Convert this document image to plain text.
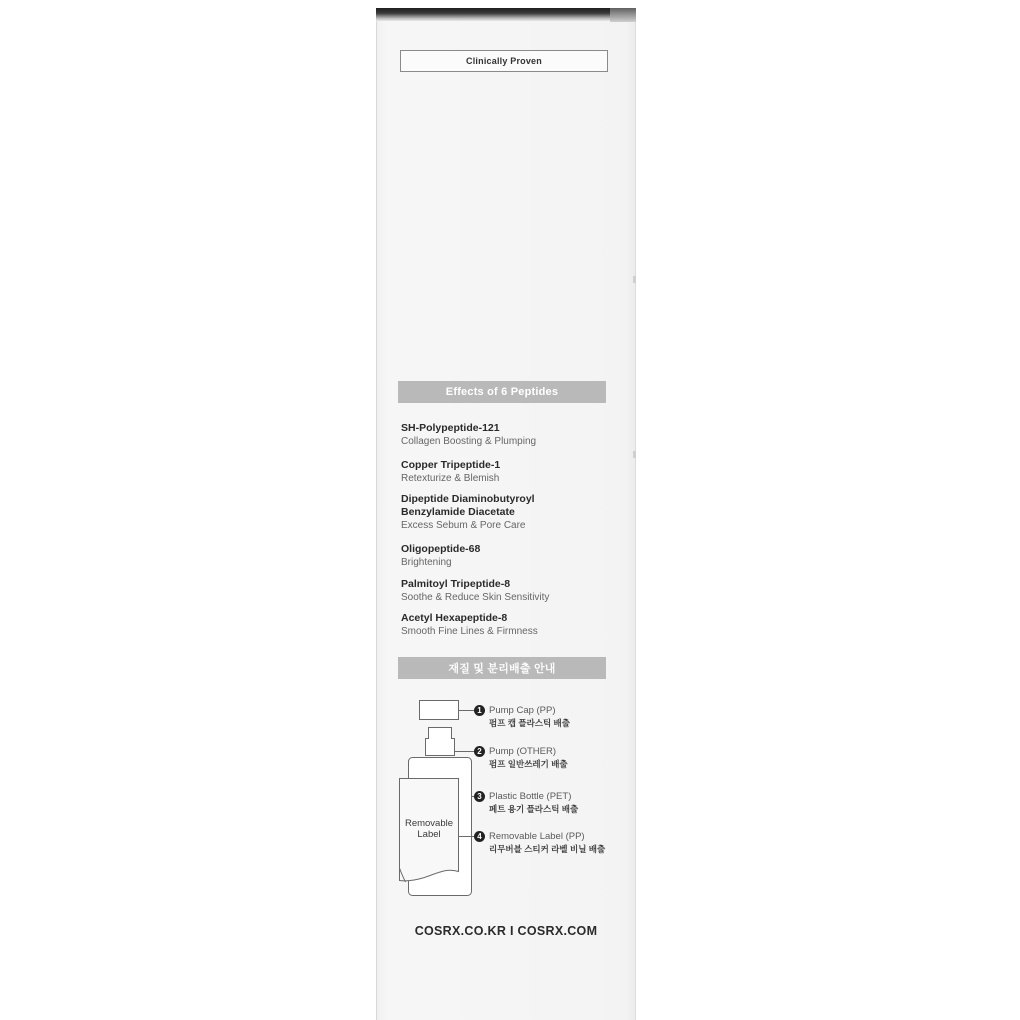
Clinically Proven
Effects of 6 Peptides
SH-Polypeptide-121
Collagen Boosting & Plumping
Copper Tripeptide-1
Retexturize & Blemish
Dipeptide Diaminobutyroyl
Benzylamide Diacetate
Excess Sebum & Pore Care
Oligopeptide-68
Brightening
Palmitoyl Tripeptide-8
Soothe & Reduce Skin Sensitivity
Acetyl Hexapeptide-8
Smooth Fine Lines & Firmness
재질 및 분리배출 안내
Removable
Label
1 Pump Cap (PP)
펌프 캡 플라스틱 배출
2 Pump (OTHER)
펌프 일반쓰레기 배출
3 Plastic Bottle (PET)
페트 용기 플라스틱 배출
4 Removable Label (PP)
리무버블 스티커 라벨 비닐 배출
COSRX.CO.KR I COSRX.COM
